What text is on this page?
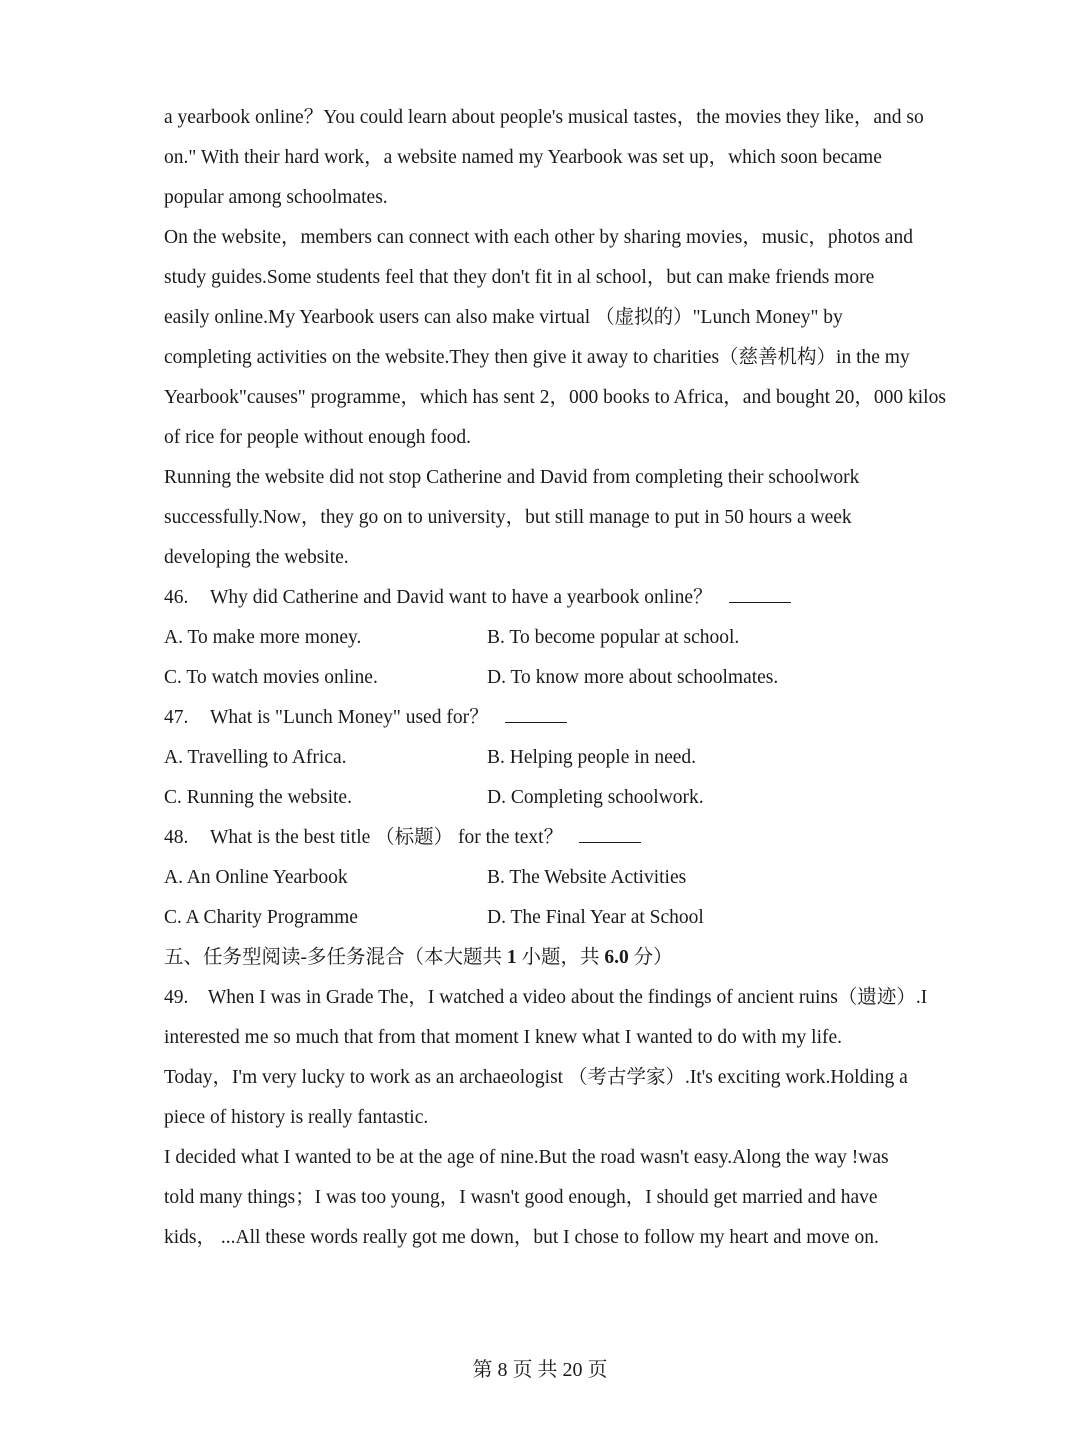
a yearbook online？You could learn about people's musical tastes，the movies they like，and so
on." With their hard work，a website named my Yearbook was set up，which soon became
popular among schoolmates.
On the website，members can connect with each other by sharing movies，music，photos and
study guides.Some students feel that they don't fit in al school，but can make friends more
easily online.My Yearbook users can also make virtual （虚拟的）"Lunch Money" by
completing activities on the website.They then give it away to charities（慈善机构）in the my
Yearbook"causes" programme，which has sent 2，000 books to Africa，and bought 20，000 kilos
of rice for people without enough food.
Running the website did not stop Catherine and David from completing their schoolwork
successfully.Now，they go on to university，but still manage to put in 50 hours a week
developing the website.
46. Why did Catherine and David want to have a yearbook online？
A. To make more money.	B. To become popular at school.
C. To watch movies online.	D. To know more about schoolmates.
47. What is "Lunch Money" used for？
A. Travelling to Africa.	B. Helping people in need.
C. Running the website.	D. Completing schoolwork.
48. What is the best title （标题） for the text？
A. An Online Yearbook	B. The Website Activities
C. A Charity Programme	D. The Final Year at School
五、任务型阅读-多任务混合（本大题共 1 小题，共 6.0 分）
49.　When I was in Grade The，I watched a video about the findings of ancient ruins（遗迹）.I
interested me so much that from that moment I knew what I wanted to do with my life.
Today，I'm very lucky to work as an archaeologist （考古学家）.It's exciting work.Holding a
piece of history is really fantastic.
I decided what I wanted to be at the age of nine.But the road wasn't easy.Along the way !was
told many things；I was too young，I wasn't good enough，I should get married and have
kids， ...All these words really got me down，but I chose to follow my heart and move on.
第 8 页 共 20 页
